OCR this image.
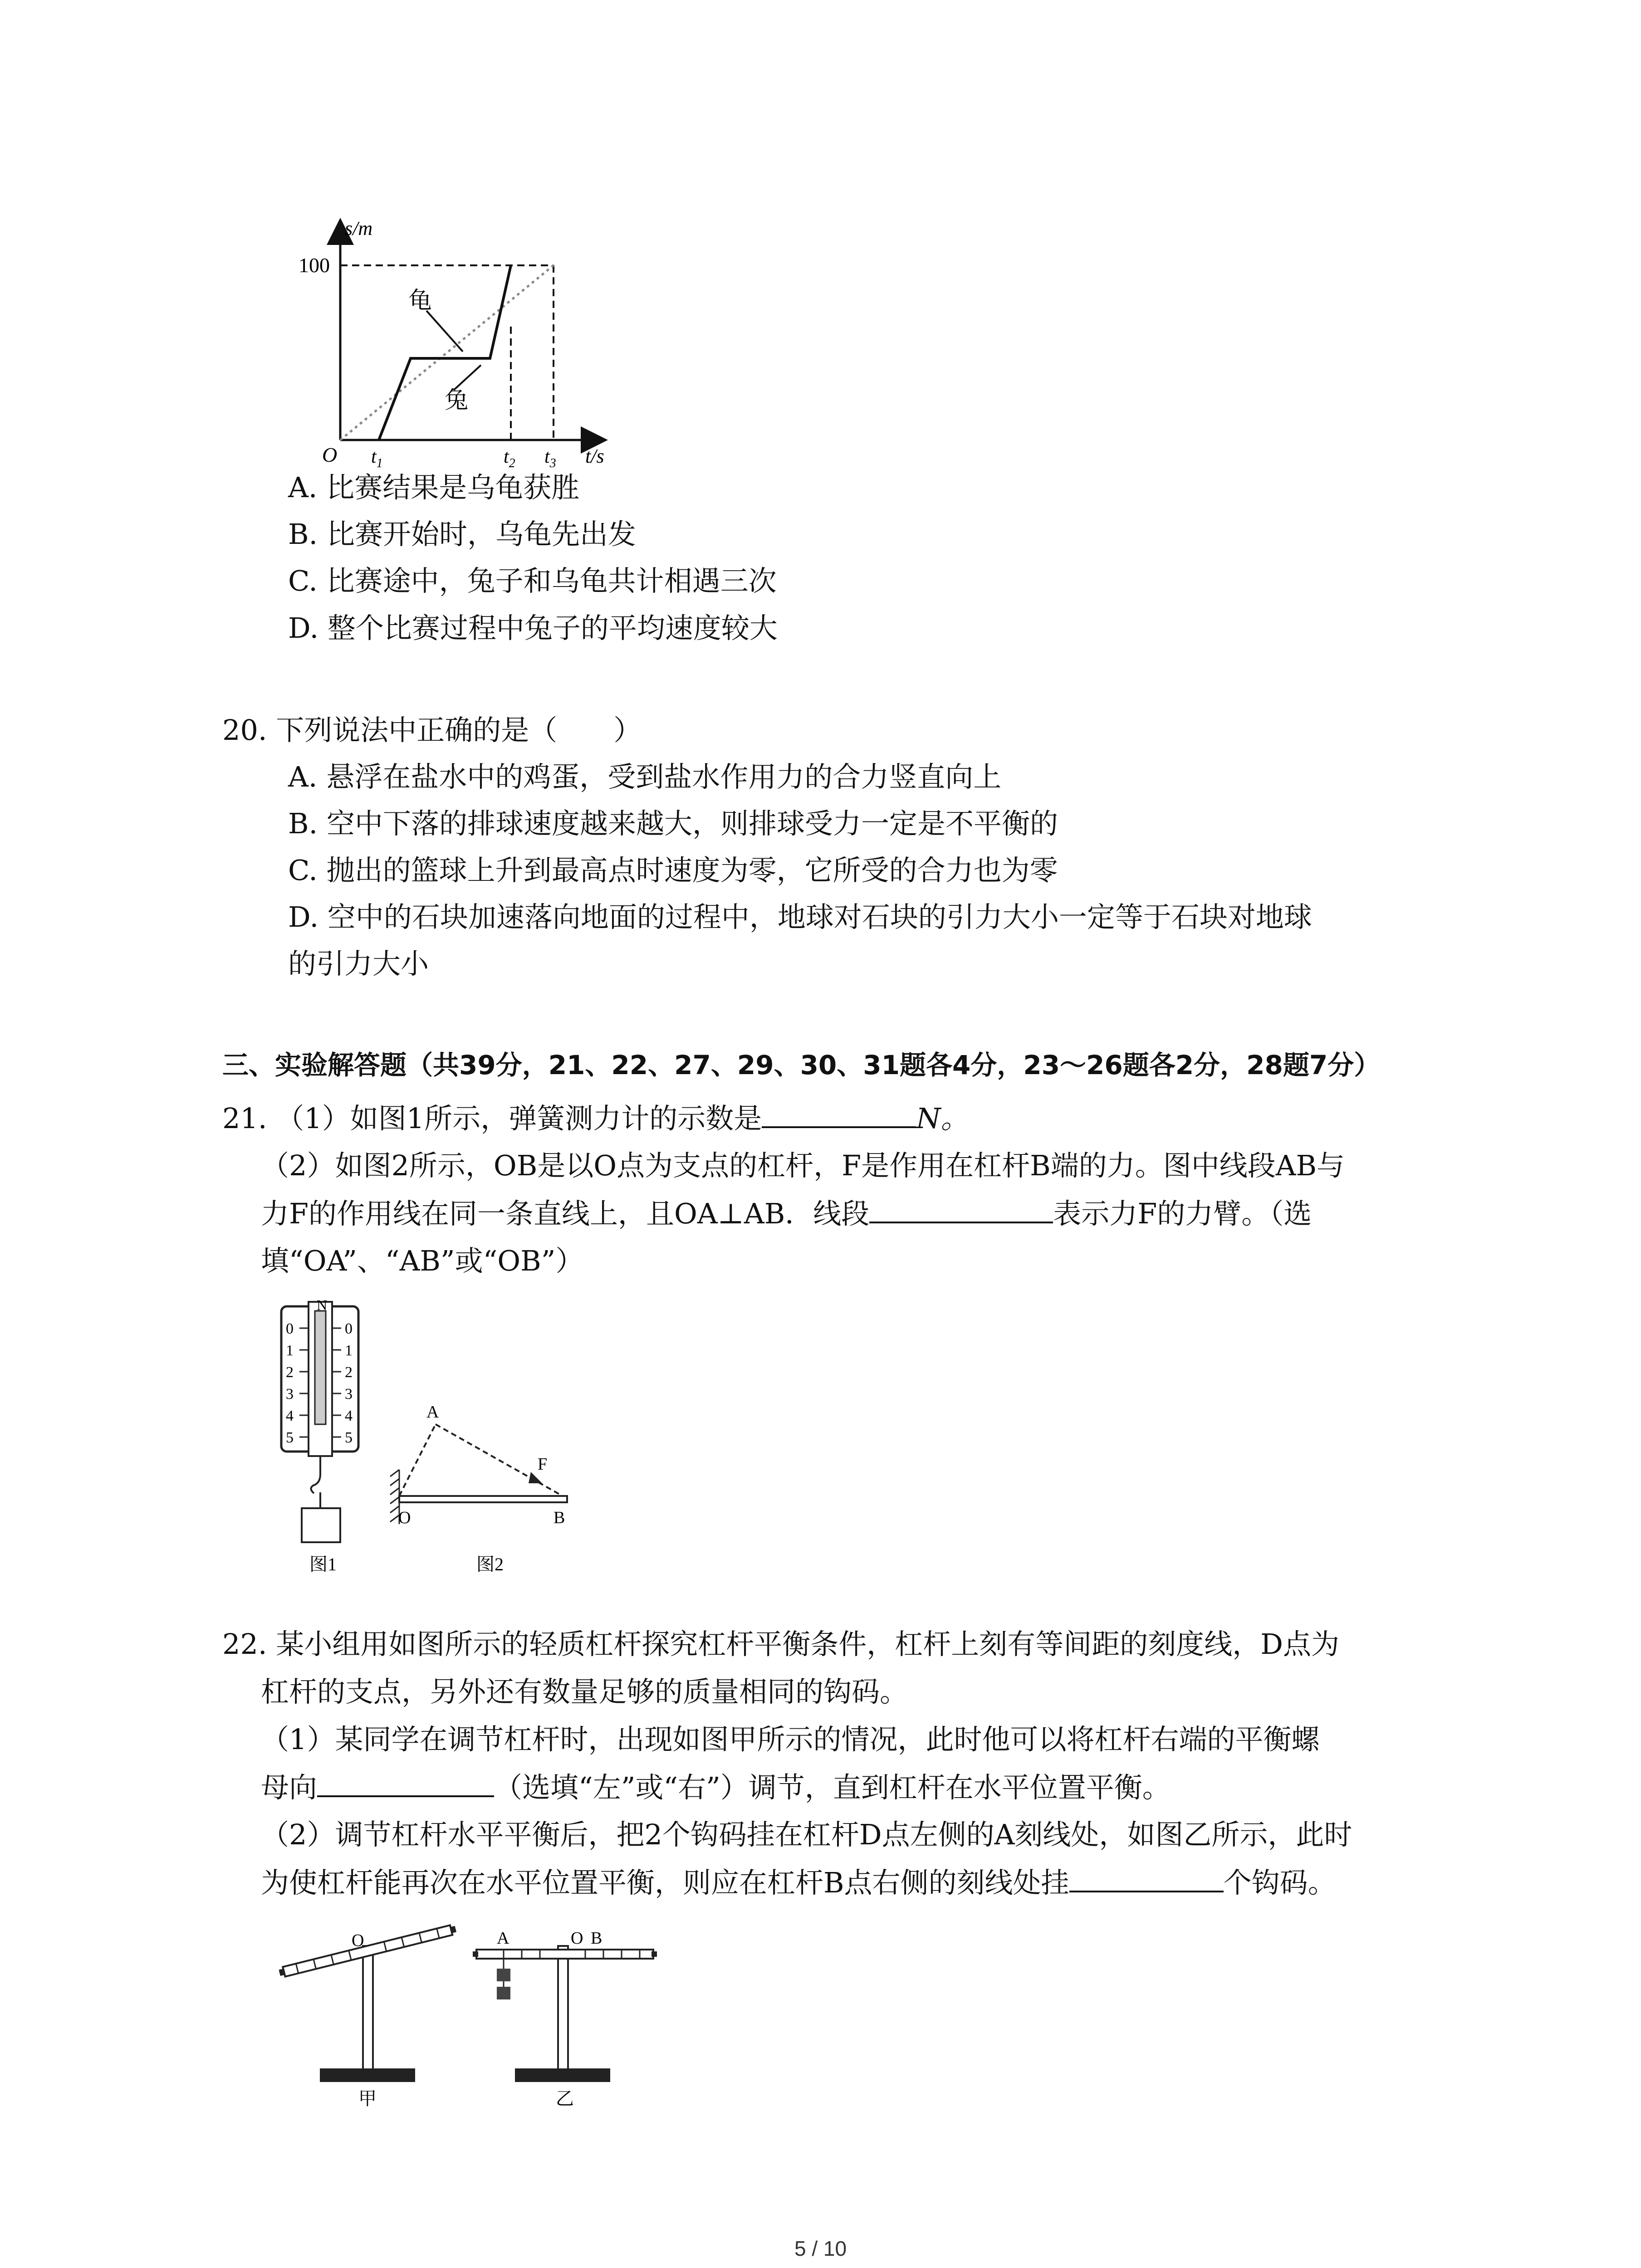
s/m
t/s
100
O $t_1$	$t_2$ $t_3$
龟
兔
A. 比赛结果是乌龟获胜
B. 比赛开始时，乌龟先出发
C. 比赛途中，兔子和乌龟共计相遇三次
D. 整个比赛过程中兔子的平均速度较大
20. 下列说法中正确的是（　　）
A. 悬浮在盐水中的鸡蛋，受到盐水作用力的合力竖直向上
B. 空中下落的排球速度越来越大，则排球受力一定是不平衡的
C. 抛出的篮球上升到最高点时速度为零，它所受的合力也为零
D. 空中的石块加速落向地面的过程中，地球对石块的引力大小一定等于石块对地球
的引力大小
三、实验解答题（共39分，21、22、27、29、30、31题各4分，23～26题各2分，28题7分）
21. （1）如图1所示，弹簧测力计的示数是	N。
（2）如图2所示，OB是以O点为支点的杠杆，F是作用在杠杆B端的力。图中线段AB与
力F的作用线在同一条直线上，且OA⊥AB．线段	表示力F的力臂。（选
填“OA”、“AB”或“OB”）
N
0
1
2
3
4
5
0
1
2
3
4
5
图1
A
F
O	B
图2
22. 某小组用如图所示的轻质杠杆探究杠杆平衡条件，杠杆上刻有等间距的刻度线，D点为
杠杆的支点，另外还有数量足够的质量相同的钩码。
（1）某同学在调节杠杆时，出现如图甲所示的情况，此时他可以将杠杆右端的平衡螺
母向	（选填“左”或“右”）调节，直到杠杆在水平位置平衡。
（2）调节杠杆水平平衡后，把2个钩码挂在杠杆D点左侧的A刻线处，如图乙所示，此时
为使杠杆能再次在水平位置平衡，则应在杠杆B点右侧的刻线处挂	个钩码。
O
甲
A	O B
乙
5 / 10
